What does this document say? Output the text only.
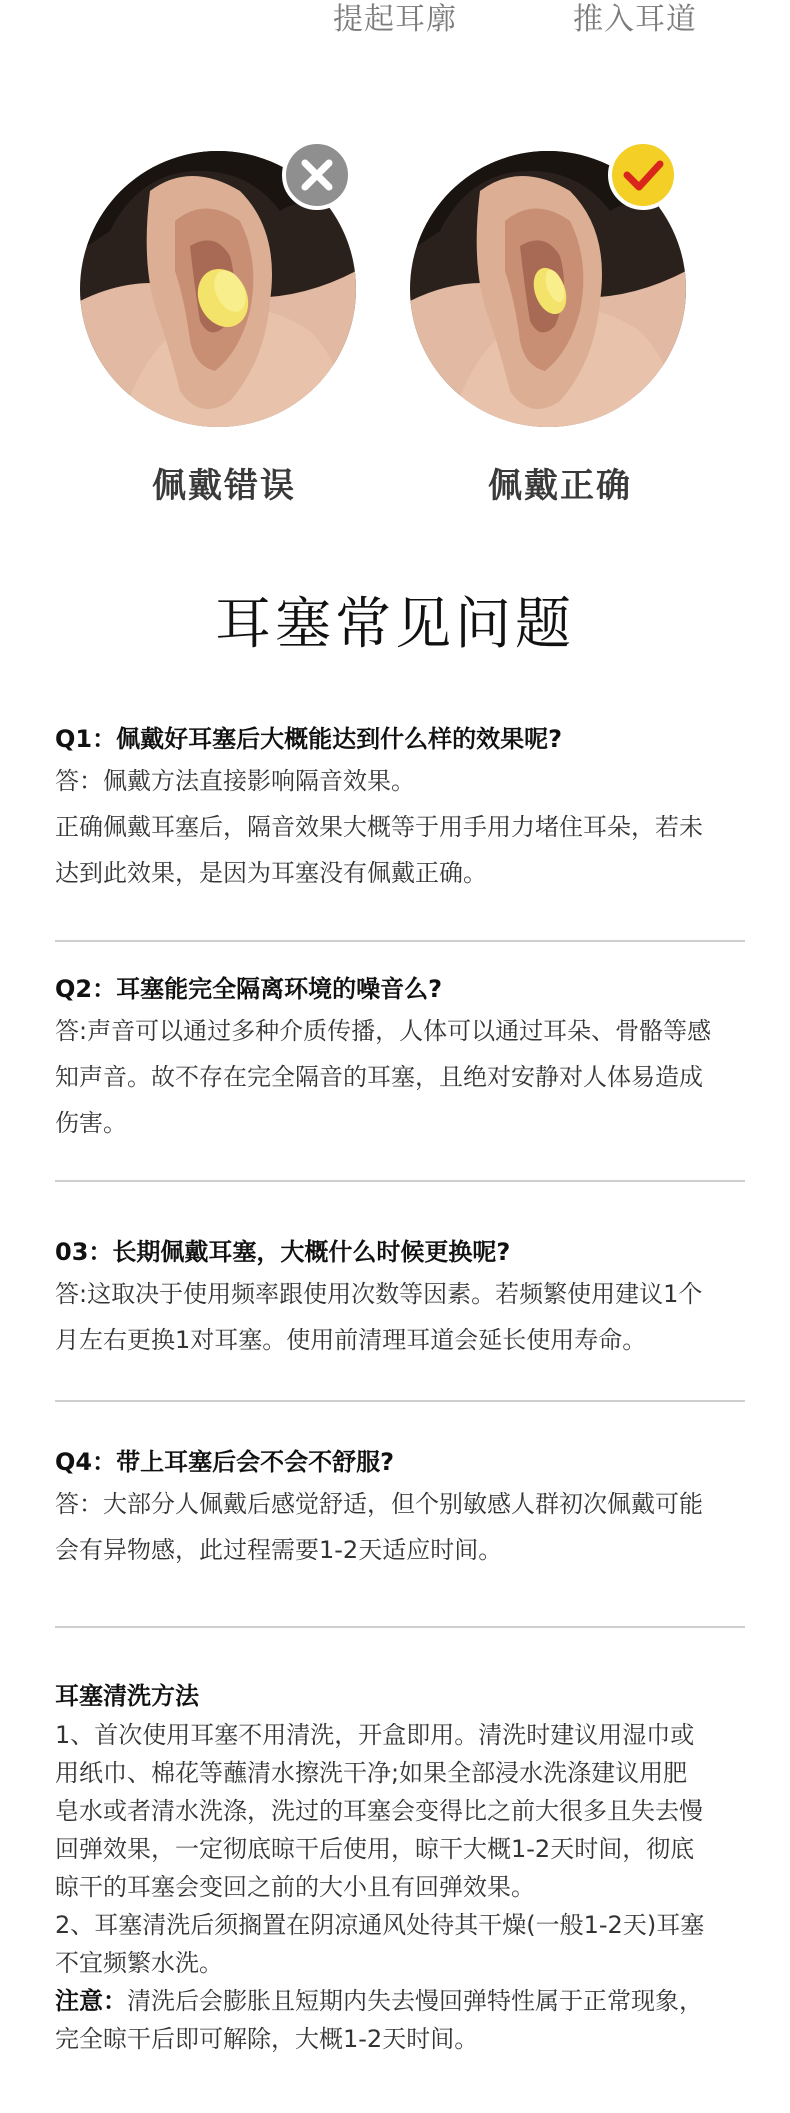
提起耳廓	推入耳道
佩戴错误	佩戴正确
耳塞常见问题
Q1：佩戴好耳塞后大概能达到什么样的效果呢?
答：佩戴方法直接影响隔音效果。
正确佩戴耳塞后，隔音效果大概等于用手用力堵住耳朵，若未
达到此效果，是因为耳塞没有佩戴正确。
Q2：耳塞能完全隔离环境的噪音么?
答:声音可以通过多种介质传播，人体可以通过耳朵、骨骼等感
知声音。故不存在完全隔音的耳塞，且绝对安静对人体易造成
伤害。
03：长期佩戴耳塞，大概什么时候更换呢?
答:这取决于使用频率跟使用次数等因素。若频繁使用建议1个
月左右更换1对耳塞。使用前清理耳道会延长使用寿命。
Q4：带上耳塞后会不会不舒服?
答：大部分人佩戴后感觉舒适，但个别敏感人群初次佩戴可能
会有异物感，此过程需要1-2天适应时间。
耳塞清洗方法
1、首次使用耳塞不用清洗，开盒即用。清洗时建议用湿巾或
用纸巾、棉花等蘸清水擦洗干净;如果全部浸水洗涤建议用肥
皂水或者清水洗涤，洗过的耳塞会变得比之前大很多且失去慢
回弹效果，一定彻底晾干后使用，晾干大概1-2天时间，彻底
晾干的耳塞会变回之前的大小且有回弹效果。
2、耳塞清洗后须搁置在阴凉通风处待其干燥(一般1-2天)耳塞
不宜频繁水洗。
注意：清洗后会膨胀且短期内失去慢回弹特性属于正常现象，
完全晾干后即可解除，大概1-2天时间。
